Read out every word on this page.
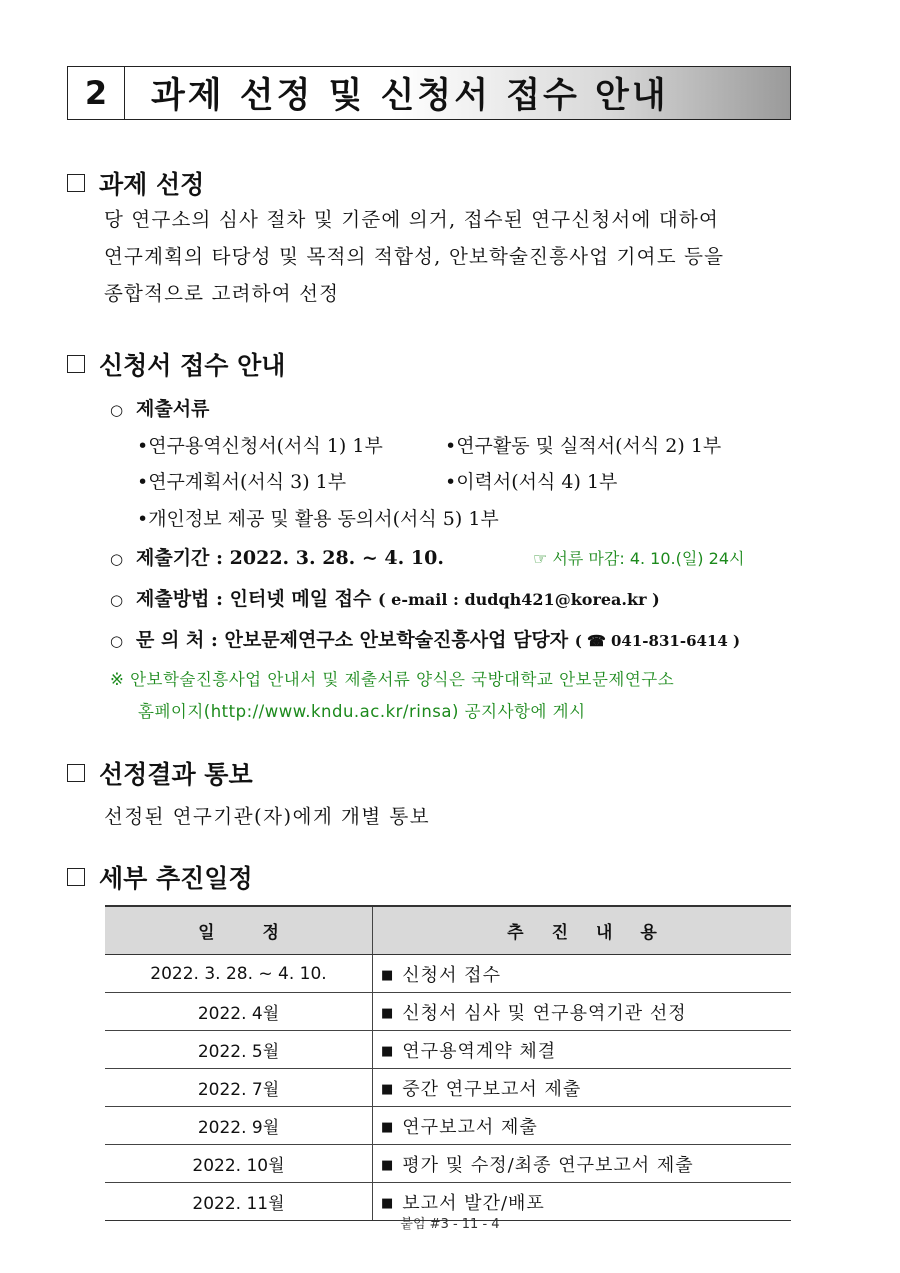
2	과제 선정 및 신청서 접수 안내
과제 선정
당 연구소의 심사 절차 및 기준에 의거, 접수된 연구신청서에 대하여
연구계획의 타당성 및 목적의 적합성, 안보학술진흥사업 기여도 등을
종합적으로 고려하여 선정
신청서 접수 안내
○ 제출서류
•연구용역신청서(서식 1) 1부	•연구활동 및 실적서(서식 2) 1부
•연구계획서(서식 3) 1부	•이력서(서식 4) 1부
•개인정보 제공 및 활용 동의서(서식 5) 1부
○ 제출기간 : 2022. 3. 28. ~ 4. 10.	☞ 서류 마감: 4. 10.(일) 24시
○ 제출방법 : 인터넷 메일 접수 ( e-mail : dudqh421@korea.kr )
○ 문 의 처 : 안보문제연구소 안보학술진흥사업 담당자 ( ☎ 041-831-6414 )
※ 안보학술진흥사업 안내서 및 제출서류 양식은 국방대학교 안보문제연구소
홈페이지(http://www.kndu.ac.kr/rinsa) 공지사항에 게시
선정결과 통보
선정된 연구기관(자)에게 개별 통보
세부 추진일정
일정	추진내용
2022. 3. 28. ~ 4. 10.	■ 신청서 접수
2022. 4월	■ 신청서 심사 및 연구용역기관 선정
2022. 5월	■ 연구용역계약 체결
2022. 7월	■ 중간 연구보고서 제출
2022. 9월	■ 연구보고서 제출
2022. 10월	■ 평가 및 수정/최종 연구보고서 제출
2022. 11월	■ 보고서 발간/배포
붙임 #3 - 11 - 4
